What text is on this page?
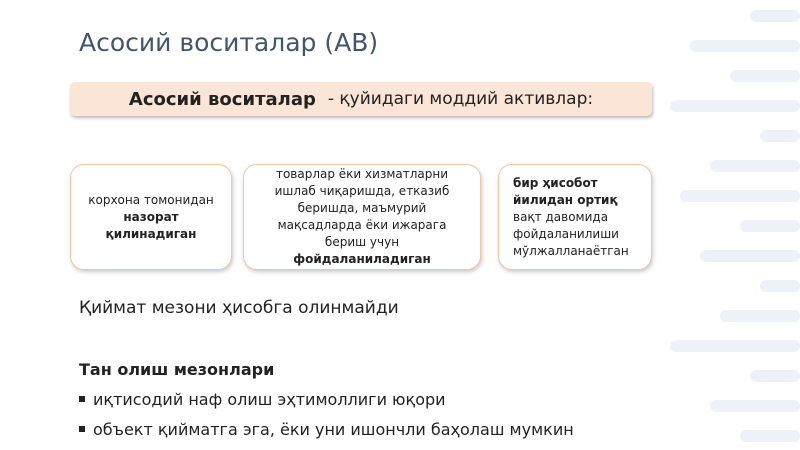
Асосий воситалар (АВ)
Асосий воситалар - қуйидаги моддий активлар:
корхона томонидан
назорат
қилинадиган
товарлар ёки хизматларни
ишлаб чиқаришда, етказиб
беришда, маъмурий
мақсадларда ёки ижарага
бериш учун
фойдаланиладиган
бир ҳисобот
йилидан ортиқ
вақт давомида
фойдаланилиши
мўлжалланаётган
Қиймат мезони ҳисобга олинмайди
Тан олиш мезонлари
иқтисодий наф олиш эҳтимоллиги юқори
объект қийматга эга, ёки уни ишончли баҳолаш мумкин
